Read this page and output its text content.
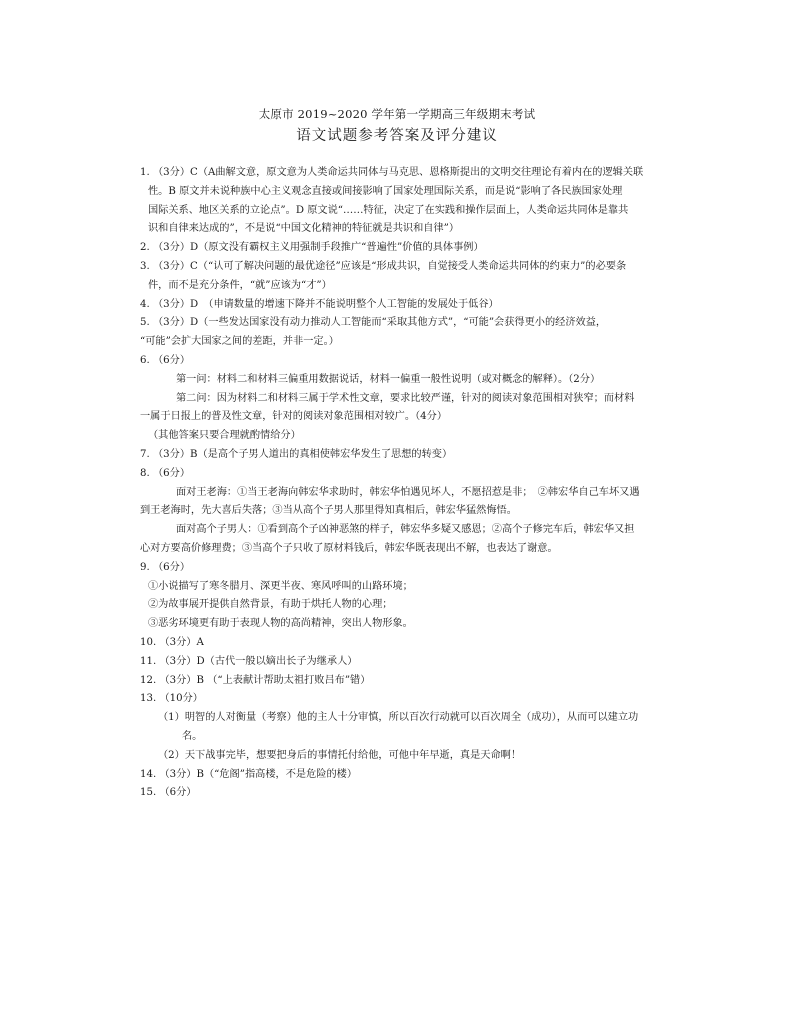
太原市 2019~2020 学年第一学期高三年级期末考试
语文试题参考答案及评分建议
1. （3分）C（A曲解文意，原文意为人类命运共同体与马克思、恩格斯提出的文明交往理论有着内在的逻辑关联
性。B 原文并未说种族中心主义观念直接或间接影响了国家处理国际关系，而是说“影响了各民族国家处理
国际关系、地区关系的立论点”。D 原文说“……特征，决定了在实践和操作层面上，人类命运共同体是靠共
识和自律来达成的”，不是说“中国文化精神的特征就是共识和自律”）
2. （3分）D（原文没有霸权主义用强制手段推广“普遍性”价值的具体事例）
3. （3分）C（“认可了解决问题的最优途径”应该是“形成共识，自觉接受人类命运共同体的约束力”的必要条
件，而不是充分条件，“就”应该为“才”）
4. （3分）D　（申请数量的增速下降并不能说明整个人工智能的发展处于低谷）
5. （3分）D（一些发达国家没有动力推动人工智能而“采取其他方式”，“可能”会获得更小的经济效益，
“可能”会扩大国家之间的差距，并非一定。）
6. （6分）
第一问：材料二和材料三偏重用数据说话，材料一偏重一般性说明（或对概念的解释）。（2分）
第二问：因为材料二和材料三属于学术性文章，要求比较严谨，针对的阅读对象范围相对狭窄；而材料
一属于日报上的普及性文章，针对的阅读对象范围相对较广。（4分）
（其他答案只要合理就酌情给分）
7. （3分）B（是高个子男人道出的真相使韩宏华发生了思想的转变）
8. （6分）
面对王老海：①当王老海向韩宏华求助时，韩宏华怕遇见坏人，不愿招惹是非；　②韩宏华自己车坏又遇
到王老海时，先大喜后失落；③当从高个子男人那里得知真相后，韩宏华猛然悔悟。
面对高个子男人：①看到高个子凶神恶煞的样子，韩宏华多疑又感恩；②高个子修完车后，韩宏华又担
心对方要高价修理费；③当高个子只收了原材料钱后，韩宏华既表现出不解，也表达了谢意。
9. （6分）
①小说描写了寒冬腊月、深更半夜、寒风呼叫的山路环境；
②为故事展开提供自然背景，有助于烘托人物的心理；
③恶劣环境更有助于表现人物的高尚精神，突出人物形象。
10. （3分）A
11. （3分）D（古代一般以嫡出长子为继承人）
12. （3分）B （“上表献计帮助太祖打败吕布”错）
13. （10分）
（1）明智的人对衡量（考察）他的主人十分审慎，所以百次行动就可以百次周全（成功），从而可以建立功
名。
（2）天下战事完毕，想要把身后的事情托付给他，可他中年早逝，真是天命啊！
14. （3分）B（“危阁”指高楼，不是危险的楼）
15. （6分）
